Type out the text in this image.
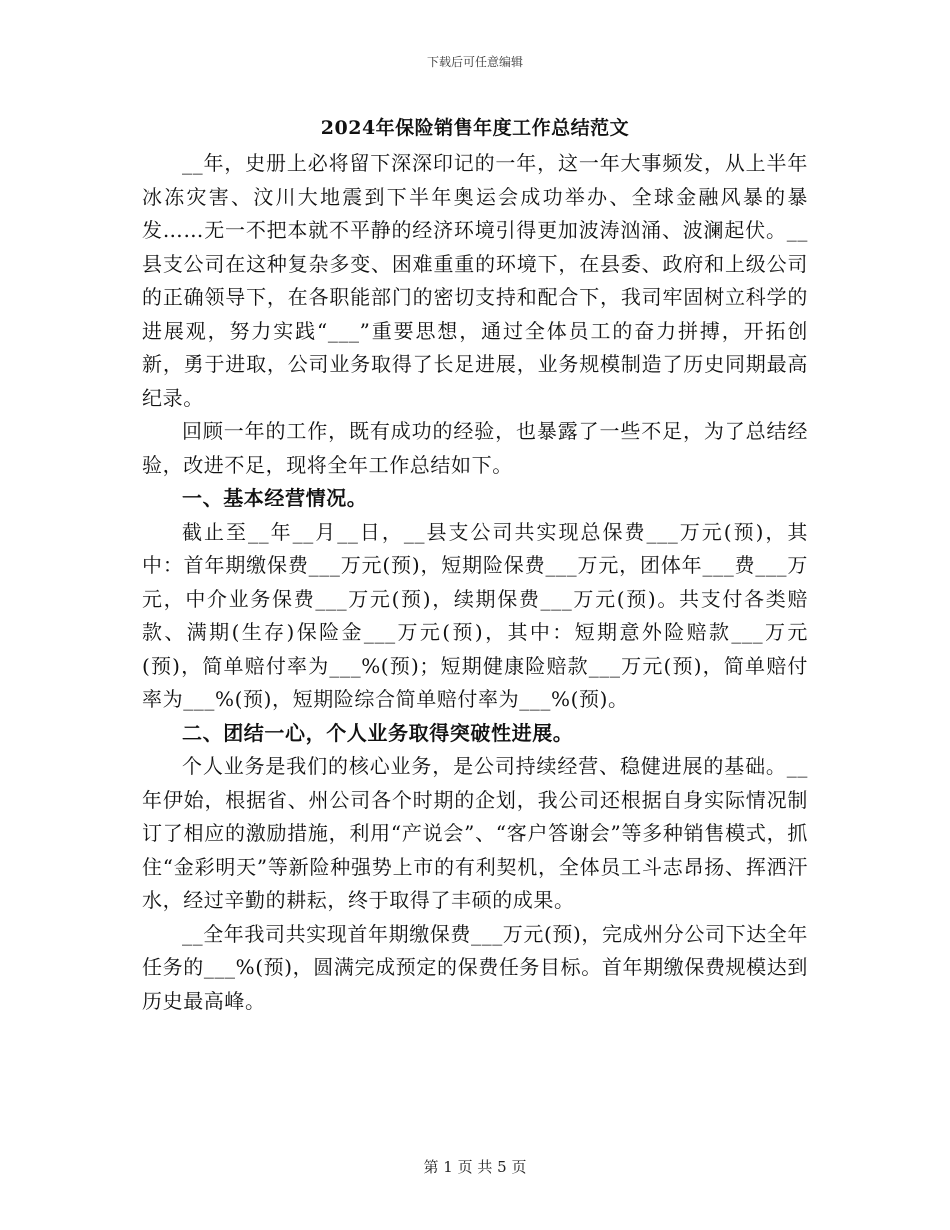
下载后可任意编辑
2024年保险销售年度工作总结范文

__年，史册上必将留下深深印记的一年，这一年大事频发，从上半年冰冻灾害、汶川大地震到下半年奥运会成功举办、全球金融风暴的暴发……无一不把本就不平静的经济环境引得更加波涛汹涌、波澜起伏。__县支公司在这种复杂多变、困难重重的环境下，在县委、政府和上级公司的正确领导下，在各职能部门的密切支持和配合下，我司牢固树立科学的进展观，努力实践“___”重要思想，通过全体员工的奋力拼搏，开拓创新，勇于进取，公司业务取得了长足进展，业务规模制造了历史同期最高纪录。

回顾一年的工作，既有成功的经验，也暴露了一些不足，为了总结经验，改进不足，现将全年工作总结如下。

一、基本经营情况。

截止至__年__月__日，__县支公司共实现总保费___万元(预)，其中：首年期缴保费___万元(预)，短期险保费___万元，团体年___费___万元，中介业务保费___万元(预)，续期保费___万元(预)。共支付各类赔款、满期(生存)保险金___万元(预)，其中：短期意外险赔款___万元(预)，简单赔付率为___%(预)；短期健康险赔款___万元(预)，简单赔付率为___%(预)，短期险综合简单赔付率为___%(预)。

二、团结一心，个人业务取得突破性进展。

个人业务是我们的核心业务，是公司持续经营、稳健进展的基础。__年伊始，根据省、州公司各个时期的企划，我公司还根据自身实际情况制订了相应的激励措施，利用“产说会”、“客户答谢会”等多种销售模式，抓住“金彩明天”等新险种强势上市的有利契机，全体员工斗志昂扬、挥洒汗水，经过辛勤的耕耘，终于取得了丰硕的成果。

__全年我司共实现首年期缴保费___万元(预)，完成州分公司下达全年任务的___%(预)，圆满完成预定的保费任务目标。首年期缴保费规模达到历史最高峰。

第 1 页 共 5 页
